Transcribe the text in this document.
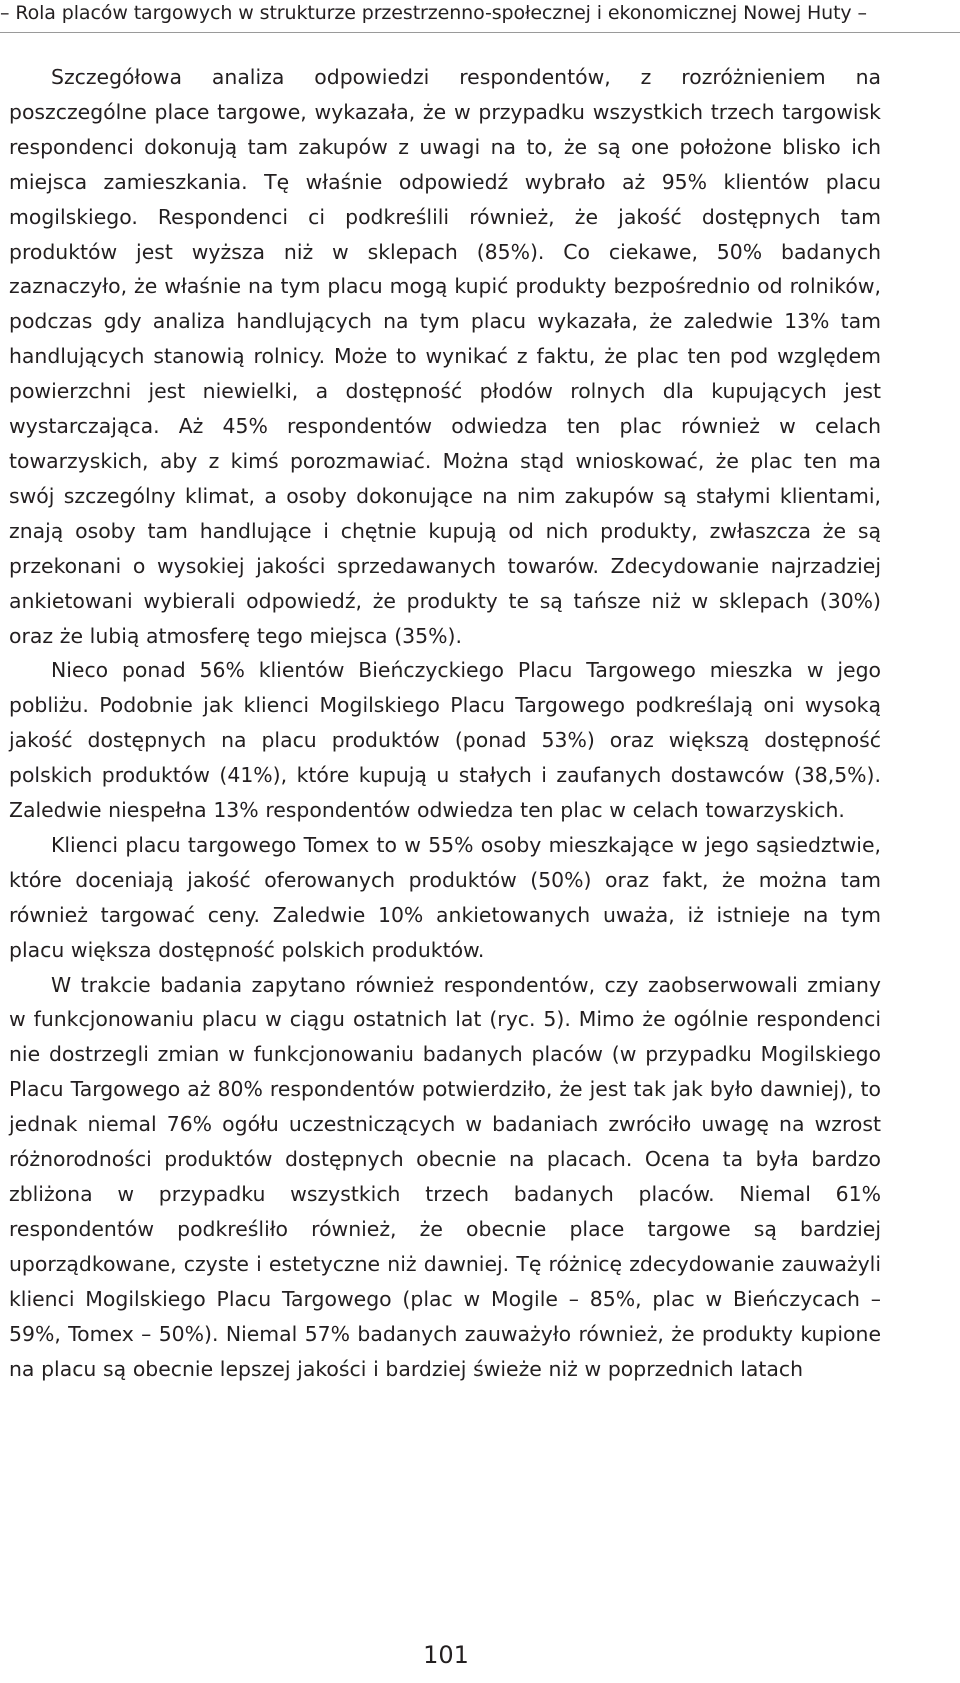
– Rola placów targowych w strukturze przestrzenno-społecznej i ekonomicznej Nowej Huty –

Szczegółowa analiza odpowiedzi respondentów, z rozróżnieniem na poszczególne place targowe, wykazała, że w przypadku wszystkich trzech targowisk respondenci dokonują tam zakupów z uwagi na to, że są one położone blisko ich miejsca zamieszkania. Tę właśnie odpowiedź wybrało aż 95% klientów placu mogilskiego. Respondenci ci podkreślili również, że jakość dostępnych tam produktów jest wyższa niż w sklepach (85%). Co ciekawe, 50% badanych zaznaczyło, że właśnie na tym placu mogą kupić produkty bezpośrednio od rolników, podczas gdy analiza handlujących na tym placu wykazała, że zaledwie 13% tam handlujących stanowią rolnicy. Może to wynikać z faktu, że plac ten pod względem powierzchni jest niewielki, a dostępność płodów rolnych dla kupujących jest wystarczająca. Aż 45% respondentów odwiedza ten plac również w celach towarzyskich, aby z kimś porozmawiać. Można stąd wnioskować, że plac ten ma swój szczególny klimat, a osoby dokonujące na nim zakupów są stałymi klientami, znają osoby tam handlujące i chętnie kupują od nich produkty, zwłaszcza że są przekonani o wysokiej jakości sprzedawanych towarów. Zdecydowanie najrzadziej ankietowani wybierali odpowiedź, że produkty te są tańsze niż w sklepach (30%) oraz że lubią atmosferę tego miejsca (35%).

Nieco ponad 56% klientów Bieńczyckiego Placu Targowego mieszka w jego pobliżu. Podobnie jak klienci Mogilskiego Placu Targowego podkreślają oni wysoką jakość dostępnych na placu produktów (ponad 53%) oraz większą dostępność polskich produktów (41%), które kupują u stałych i zaufanych dostawców (38,5%). Zaledwie niespełna 13% respondentów odwiedza ten plac w celach towarzyskich.

Klienci placu targowego Tomex to w 55% osoby mieszkające w jego sąsiedztwie, które doceniają jakość oferowanych produktów (50%) oraz fakt, że można tam również targować ceny. Zaledwie 10% ankietowanych uważa, iż istnieje na tym placu większa dostępność polskich produktów.

W trakcie badania zapytano również respondentów, czy zaobserwowali zmiany w funkcjonowaniu placu w ciągu ostatnich lat (ryc. 5). Mimo że ogólnie respondenci nie dostrzegli zmian w funkcjonowaniu badanych placów (w przypadku Mogilskiego Placu Targowego aż 80% respondentów potwierdziło, że jest tak jak było dawniej), to jednak niemal 76% ogółu uczestniczących w badaniach zwróciło uwagę na wzrost różnorodności produktów dostępnych obecnie na placach. Ocena ta była bardzo zbliżona w przypadku wszystkich trzech badanych placów. Niemal 61% respondentów podkreśliło również, że obecnie place targowe są bardziej uporządkowane, czyste i estetyczne niż dawniej. Tę różnicę zdecydowanie zauważyli klienci Mogilskiego Placu Targowego (plac w Mogile – 85%, plac w Bieńczycach – 59%, Tomex – 50%). Niemal 57% badanych zauważyło również, że produkty kupione na placu są obecnie lepszej jakości i bardziej świeże niż w poprzednich latach

101
